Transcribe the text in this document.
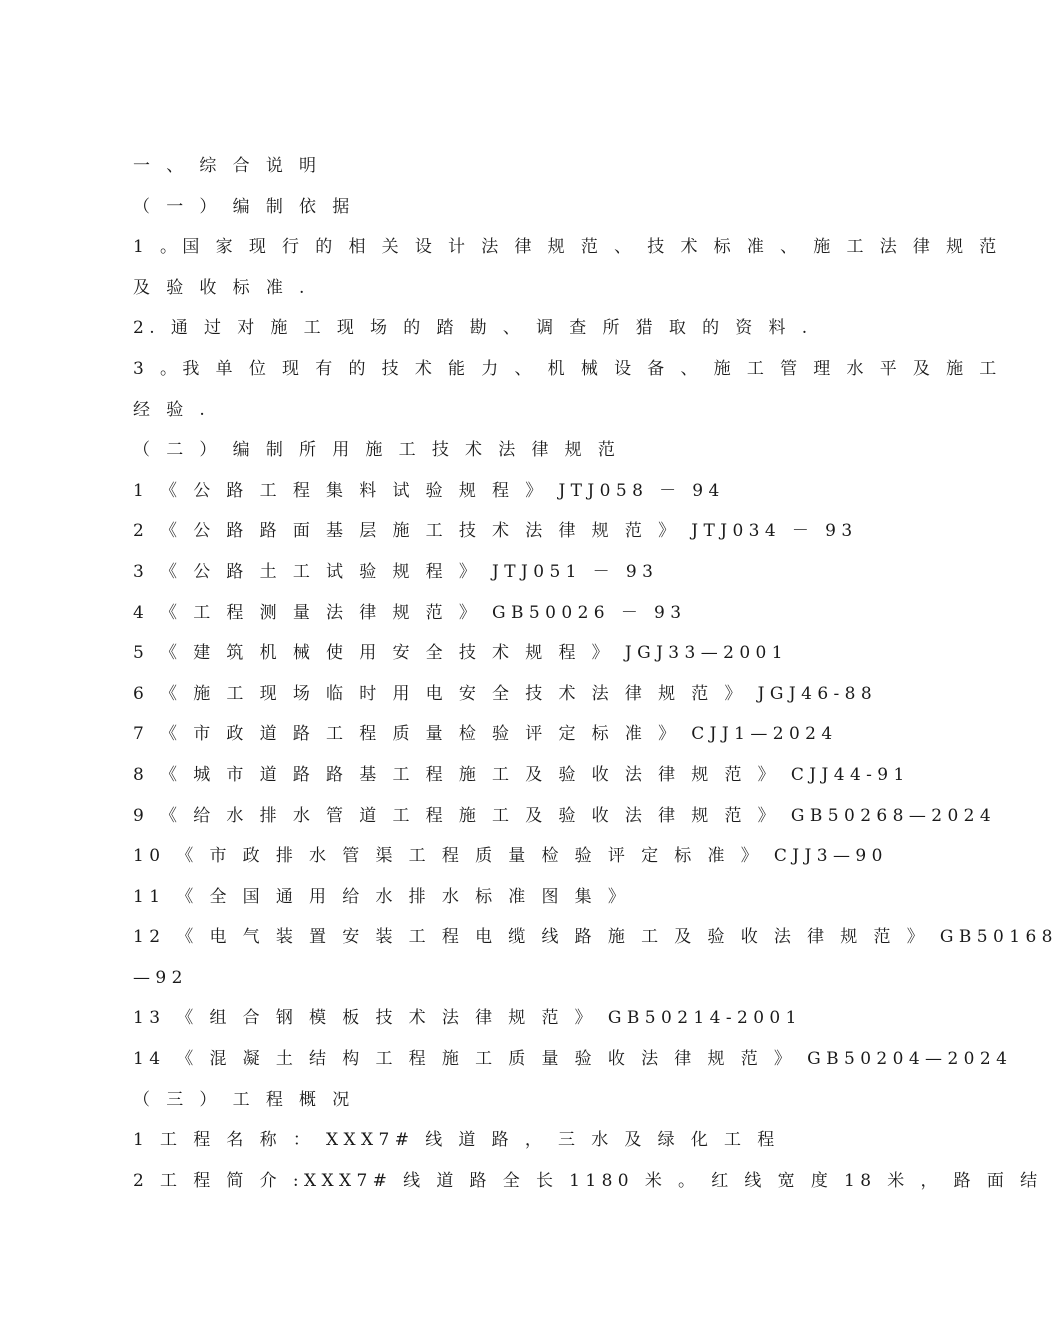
一 、 综 合 说 明
（ 一 ） 编 制 依 据
1 。国 家 现 行 的 相 关 设 计 法 律 规 范 、 技 术 标 准 、 施 工 法 律 规 范
及 验 收 标 准 .
2. 通 过 对 施 工 现 场 的 踏 勘 、 调 查 所 猎 取 的 资 料 .
3 。我 单 位 现 有 的 技 术 能 力 、 机 械 设 备 、 施 工 管 理 水 平 及 施 工
经 验 .
（ 二 ） 编 制 所 用 施 工 技 术 法 律 规 范
1 《 公 路 工 程 集 料 试 验 规 程 》 JTJ058 － 94
2 《 公 路 路 面 基 层 施 工 技 术 法 律 规 范 》 JTJ034 － 93
3 《 公 路 土 工 试 验 规 程 》 JTJ051 － 93
4 《 工 程 测 量 法 律 规 范 》 GB50026 － 93
5 《 建 筑 机 械 使 用 安 全 技 术 规 程 》 JGJ33—2001
6 《 施 工 现 场 临 时 用 电 安 全 技 术 法 律 规 范 》 JGJ46-88
7 《 市 政 道 路 工 程 质 量 检 验 评 定 标 准 》 CJJ1—2024
8 《 城 市 道 路 路 基 工 程 施 工 及 验 收 法 律 规 范 》 CJJ44-91
9 《 给 水 排 水 管 道 工 程 施 工 及 验 收 法 律 规 范 》 GB50268—2024
10 《 市 政 排 水 管 渠 工 程 质 量 检 验 评 定 标 准 》 CJJ3—90
11 《 全 国 通 用 给 水 排 水 标 准 图 集 》
12 《 电 气 装 置 安 装 工 程 电 缆 线 路 施 工 及 验 收 法 律 规 范 》 GB50168
—92
13 《 组 合 钢 模 板 技 术 法 律 规 范 》 GB50214-2001
14 《 混 凝 土 结 构 工 程 施 工 质 量 验 收 法 律 规 范 》 GB50204—2024
（ 三 ） 工 程 概 况
1 工 程 名 称 ： XXX7# 线 道 路 ， 三 水 及 绿 化 工 程
2 工 程 简 介 :XXX7# 线 道 路 全 长 1180 米 。 红 线 宽 度 18 米 ， 路 面 结
